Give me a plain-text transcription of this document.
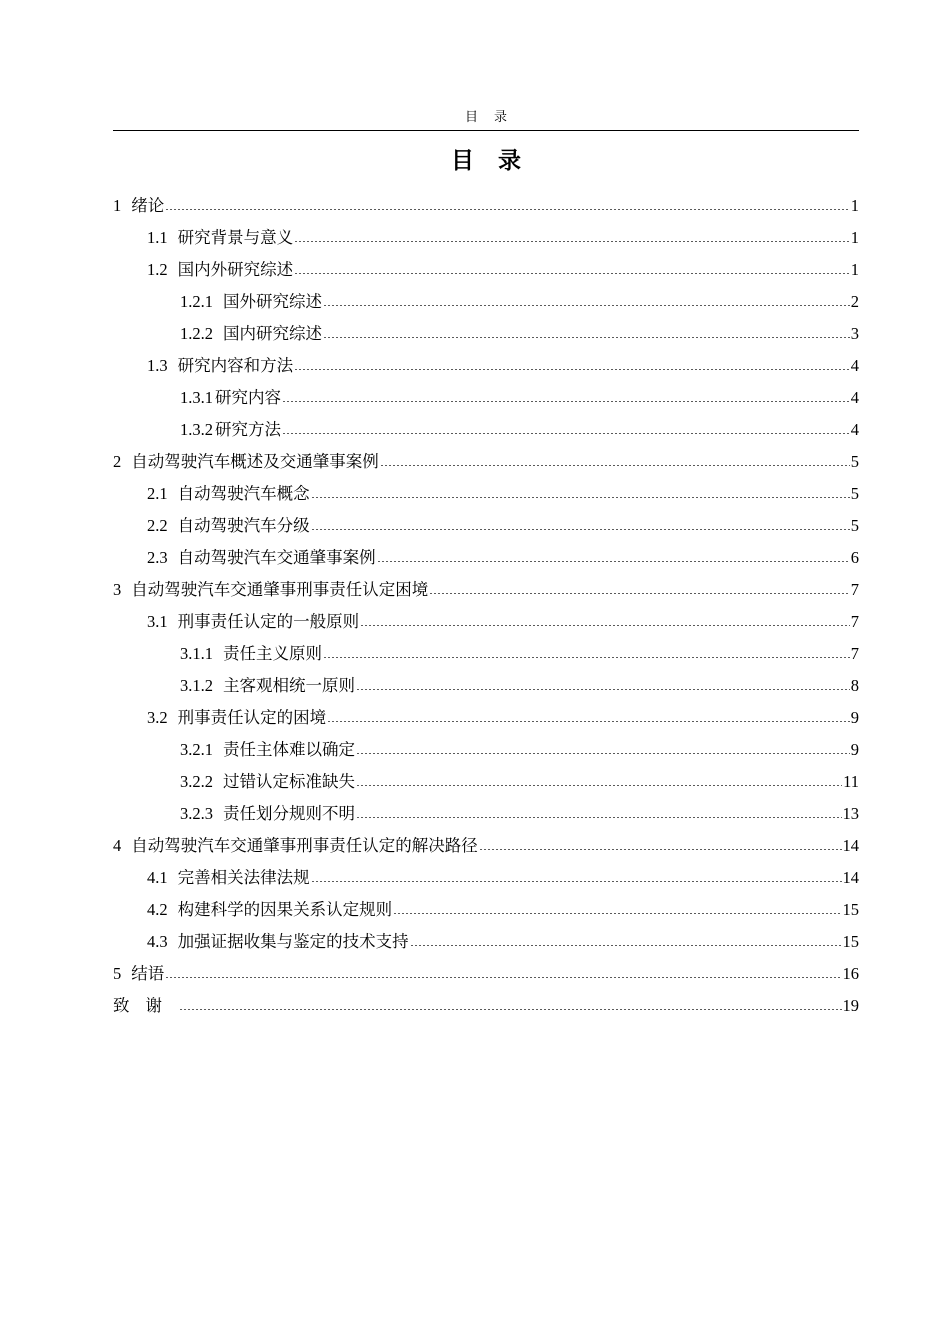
目录
目录
1 绪论	1
1.1 研究背景与意义	1
1.2 国内外研究综述	1
1.2.1 国外研究综述	2
1.2.2 国内研究综述	3
1.3 研究内容和方法	4
1.3.1 研究内容	4
1.3.2 研究方法	4
2 自动驾驶汽车概述及交通肇事案例	5
2.1 自动驾驶汽车概念	5
2.2 自动驾驶汽车分级	5
2.3 自动驾驶汽车交通肇事案例	6
3 自动驾驶汽车交通肇事刑事责任认定困境	7
3.1 刑事责任认定的一般原则	7
3.1.1 责任主义原则	7
3.1.2 主客观相统一原则	8
3.2 刑事责任认定的困境	9
3.2.1 责任主体难以确定	9
3.2.2 过错认定标准缺失	11
3.2.3 责任划分规则不明	13
4 自动驾驶汽车交通肇事刑事责任认定的解决路径	14
4.1 完善相关法律法规	14
4.2 构建科学的因果关系认定规则	15
4.3 加强证据收集与鉴定的技术支持	15
5 结语	16
致谢	19
